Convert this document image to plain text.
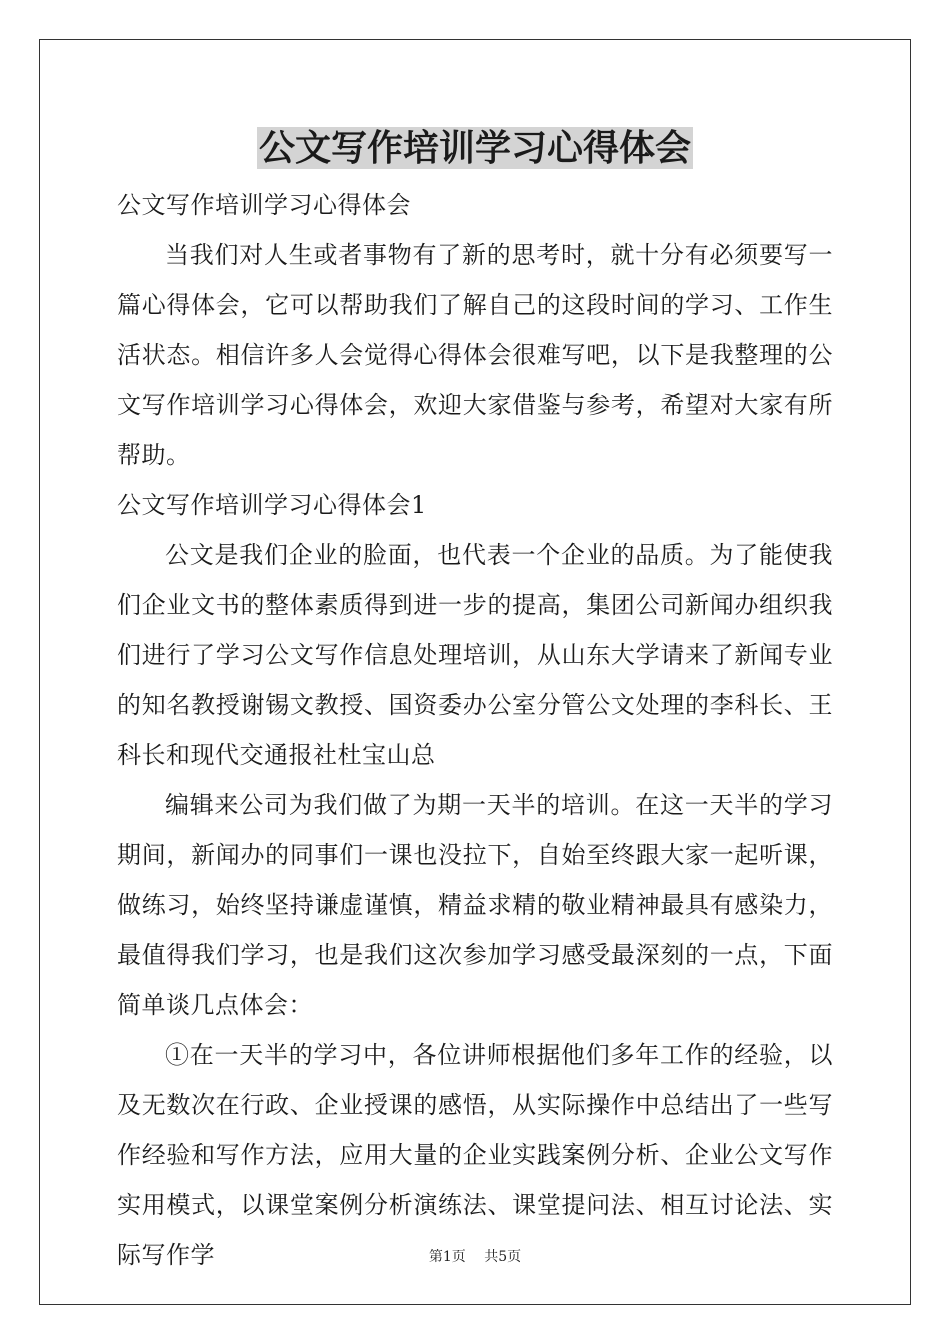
公文写作培训学习心得体会

公文写作培训学习心得体会

当我们对人生或者事物有了新的思考时，就十分有必须要写一篇心得体会，它可以帮助我们了解自己的这段时间的学习、工作生活状态。相信许多人会觉得心得体会很难写吧，以下是我整理的公文写作培训学习心得体会，欢迎大家借鉴与参考，希望对大家有所帮助。

公文写作培训学习心得体会1

公文是我们企业的脸面，也代表一个企业的品质。为了能使我们企业文书的整体素质得到进一步的提高，集团公司新闻办组织我们进行了学习公文写作信息处理培训，从山东大学请来了新闻专业的知名教授谢锡文教授、国资委办公室分管公文处理的李科长、王科长和现代交通报社杜宝山总

编辑来公司为我们做了为期一天半的培训。在这一天半的学习期间，新闻办的同事们一课也没拉下，自始至终跟大家一起听课，做练习，始终坚持谦虚谨慎，精益求精的敬业精神最具有感染力，最值得我们学习，也是我们这次参加学习感受最深刻的一点，下面简单谈几点体会：

①在一天半的学习中，各位讲师根据他们多年工作的经验，以及无数次在行政、企业授课的感悟，从实际操作中总结出了一些写作经验和写作方法，应用大量的企业实践案例分析、企业公文写作实用模式，以课堂案例分析演练法、课堂提问法、相互讨论法、实际写作学	第1页 共5页
